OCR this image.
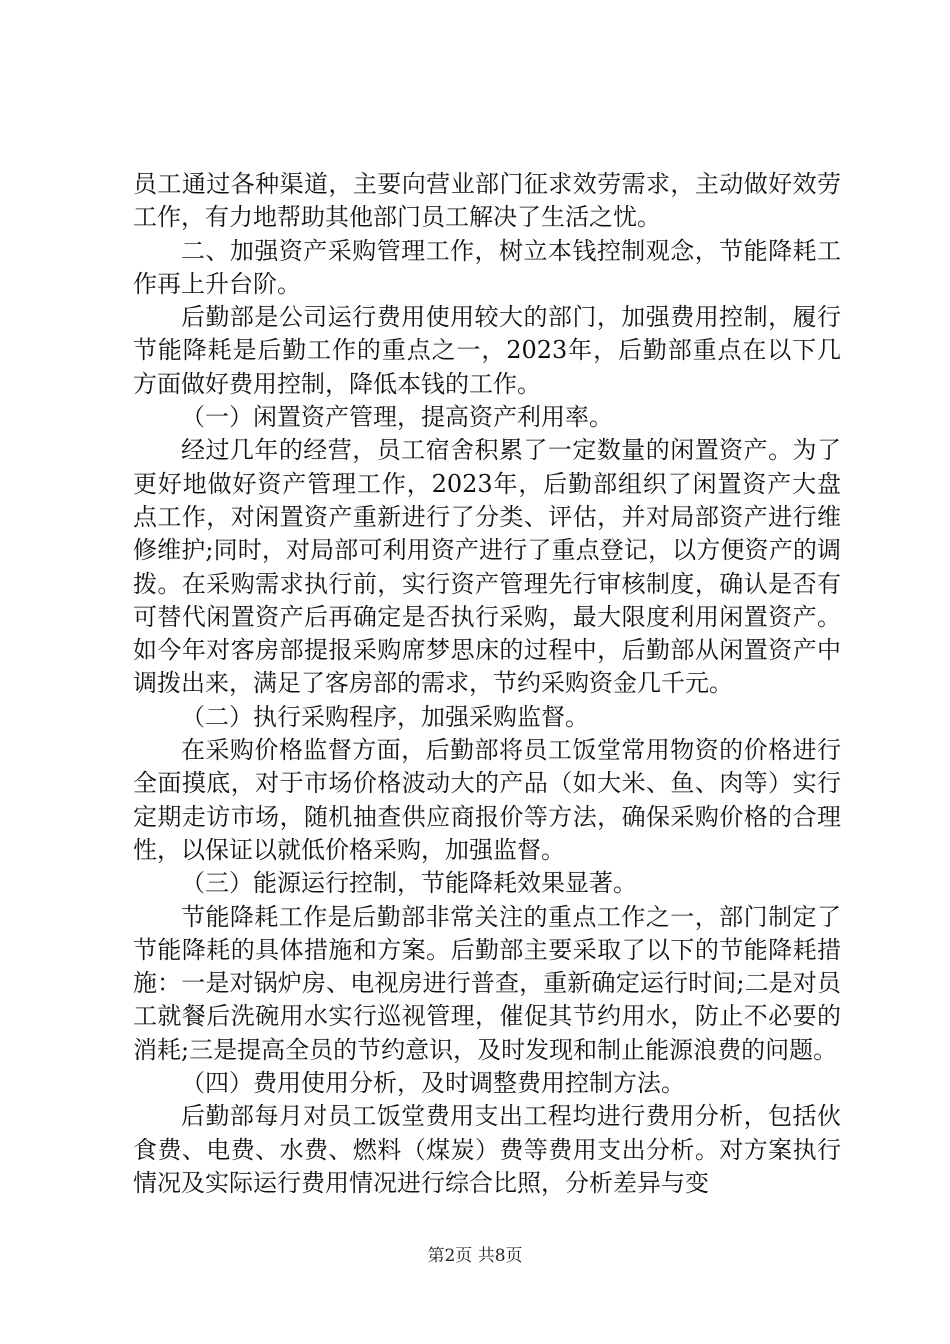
员工通过各种渠道，主要向营业部门征求效劳需求，主动做好效劳工作，有力地帮助其他部门员工解决了生活之忧。

二、加强资产采购管理工作，树立本钱控制观念，节能降耗工作再上升台阶。

后勤部是公司运行费用使用较大的部门，加强费用控制，履行节能降耗是后勤工作的重点之一，2023年，后勤部重点在以下几方面做好费用控制，降低本钱的工作。

（一）闲置资产管理，提高资产利用率。

经过几年的经营，员工宿舍积累了一定数量的闲置资产。为了更好地做好资产管理工作，2023年，后勤部组织了闲置资产大盘点工作，对闲置资产重新进行了分类、评估，并对局部资产进行维修维护;同时，对局部可利用资产进行了重点登记，以方便资产的调拨。在采购需求执行前，实行资产管理先行审核制度，确认是否有可替代闲置资产后再确定是否执行采购，最大限度利用闲置资产。如今年对客房部提报采购席梦思床的过程中，后勤部从闲置资产中调拨出来，满足了客房部的需求，节约采购资金几千元。

（二）执行采购程序，加强采购监督。

在采购价格监督方面，后勤部将员工饭堂常用物资的价格进行全面摸底，对于市场价格波动大的产品（如大米、鱼、肉等）实行定期走访市场，随机抽查供应商报价等方法，确保采购价格的合理性，以保证以就低价格采购，加强监督。

（三）能源运行控制，节能降耗效果显著。

节能降耗工作是后勤部非常关注的重点工作之一，部门制定了节能降耗的具体措施和方案。后勤部主要采取了以下的节能降耗措施：一是对锅炉房、电视房进行普查，重新确定运行时间;二是对员工就餐后洗碗用水实行巡视管理，催促其节约用水，防止不必要的消耗;三是提高全员的节约意识，及时发现和制止能源浪费的问题。

（四）费用使用分析，及时调整费用控制方法。

后勤部每月对员工饭堂费用支出工程均进行费用分析，包括伙食费、电费、水费、燃料（煤炭）费等费用支出分析。对方案执行情况及实际运行费用情况进行综合比照，分析差异与变

第2页 共8页
